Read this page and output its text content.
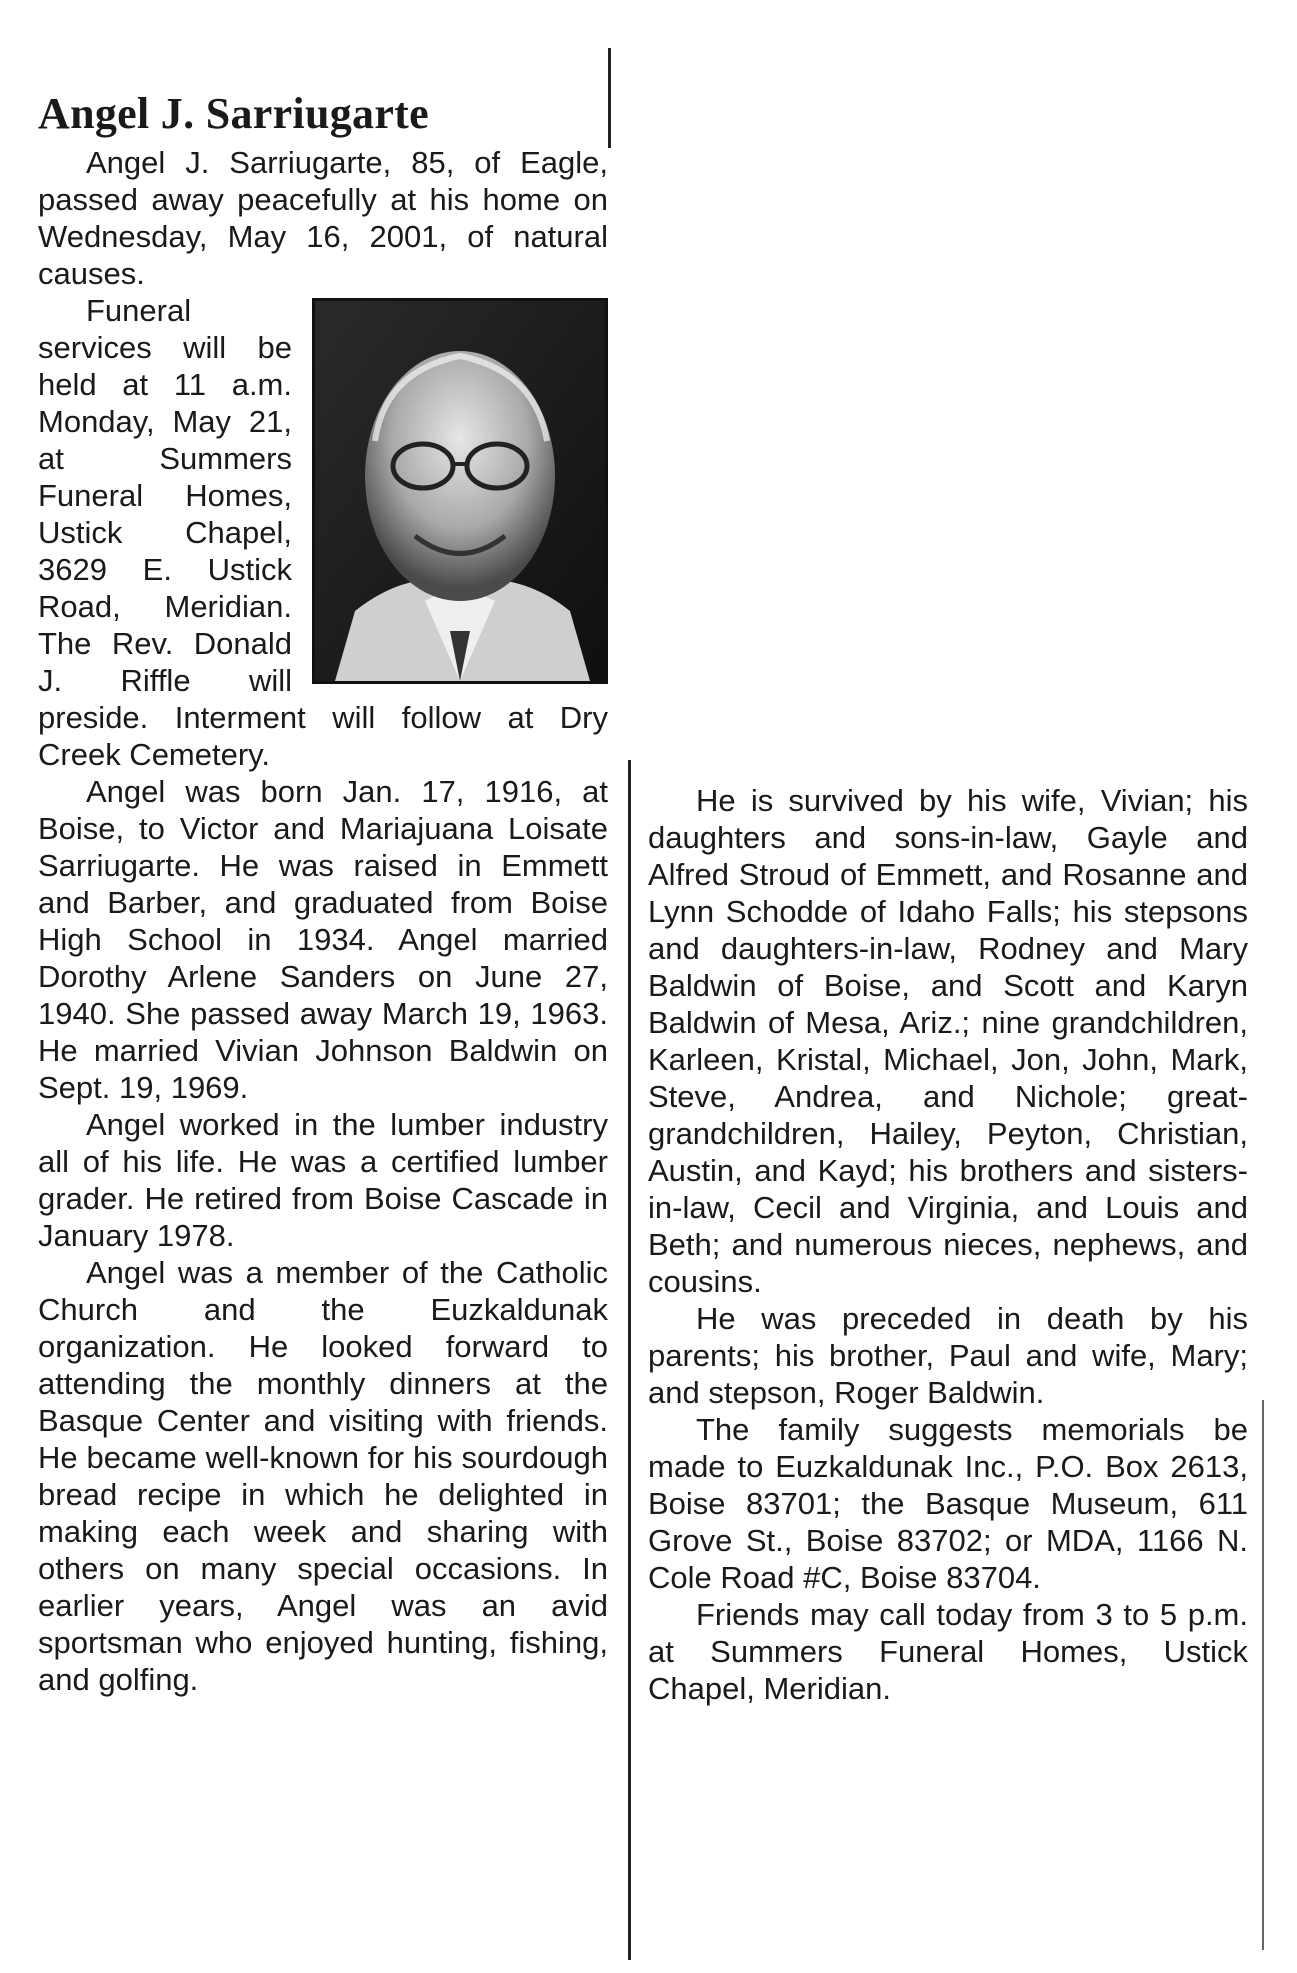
Angel J. Sarriugarte

Angel J. Sarriugarte, 85, of Eagle, passed away peacefully at his home on Wednesday, May 16, 2001, of natural causes.

Funeral services will be held at 11 a.m. Monday, May 21, at Summers Funeral Homes, Ustick Chapel, 3629 E. Ustick Road, Meridian. The Rev. Donald J. Riffle will preside. Interment will follow at Dry Creek Cemetery.

Angel was born Jan. 17, 1916, at Boise, to Victor and Mariajuana Loisate Sarriugarte. He was raised in Emmett and Barber, and graduated from Boise High School in 1934. Angel married Dorothy Arlene Sanders on June 27, 1940. She passed away March 19, 1963. He married Vivian Johnson Baldwin on Sept. 19, 1969.

Angel worked in the lumber industry all of his life. He was a certified lumber grader. He retired from Boise Cascade in January 1978.

Angel was a member of the Catholic Church and the Euzkaldunak organization. He looked forward to attending the monthly dinners at the Basque Center and visiting with friends. He became well-known for his sourdough bread recipe in which he delighted in making each week and sharing with others on many special occasions. In earlier years, Angel was an avid sportsman who enjoyed hunting, fishing, and golfing.

He is survived by his wife, Vivian; his daughters and sons-in-law, Gayle and Alfred Stroud of Emmett, and Rosanne and Lynn Schodde of Idaho Falls; his stepsons and daughters-in-law, Rodney and Mary Baldwin of Boise, and Scott and Karyn Baldwin of Mesa, Ariz.; nine grandchildren, Karleen, Kristal, Michael, Jon, John, Mark, Steve, Andrea, and Nichole; great-grandchildren, Hailey, Peyton, Christian, Austin, and Kayd; his brothers and sisters-in-law, Cecil and Virginia, and Louis and Beth; and numerous nieces, nephews, and cousins.

He was preceded in death by his parents; his brother, Paul and wife, Mary; and stepson, Roger Baldwin.

The family suggests memorials be made to Euzkaldunak Inc., P.O. Box 2613, Boise 83701; the Basque Museum, 611 Grove St., Boise 83702; or MDA, 1166 N. Cole Road #C, Boise 83704.

Friends may call today from 3 to 5 p.m. at Summers Funeral Homes, Ustick Chapel, Meridian.
